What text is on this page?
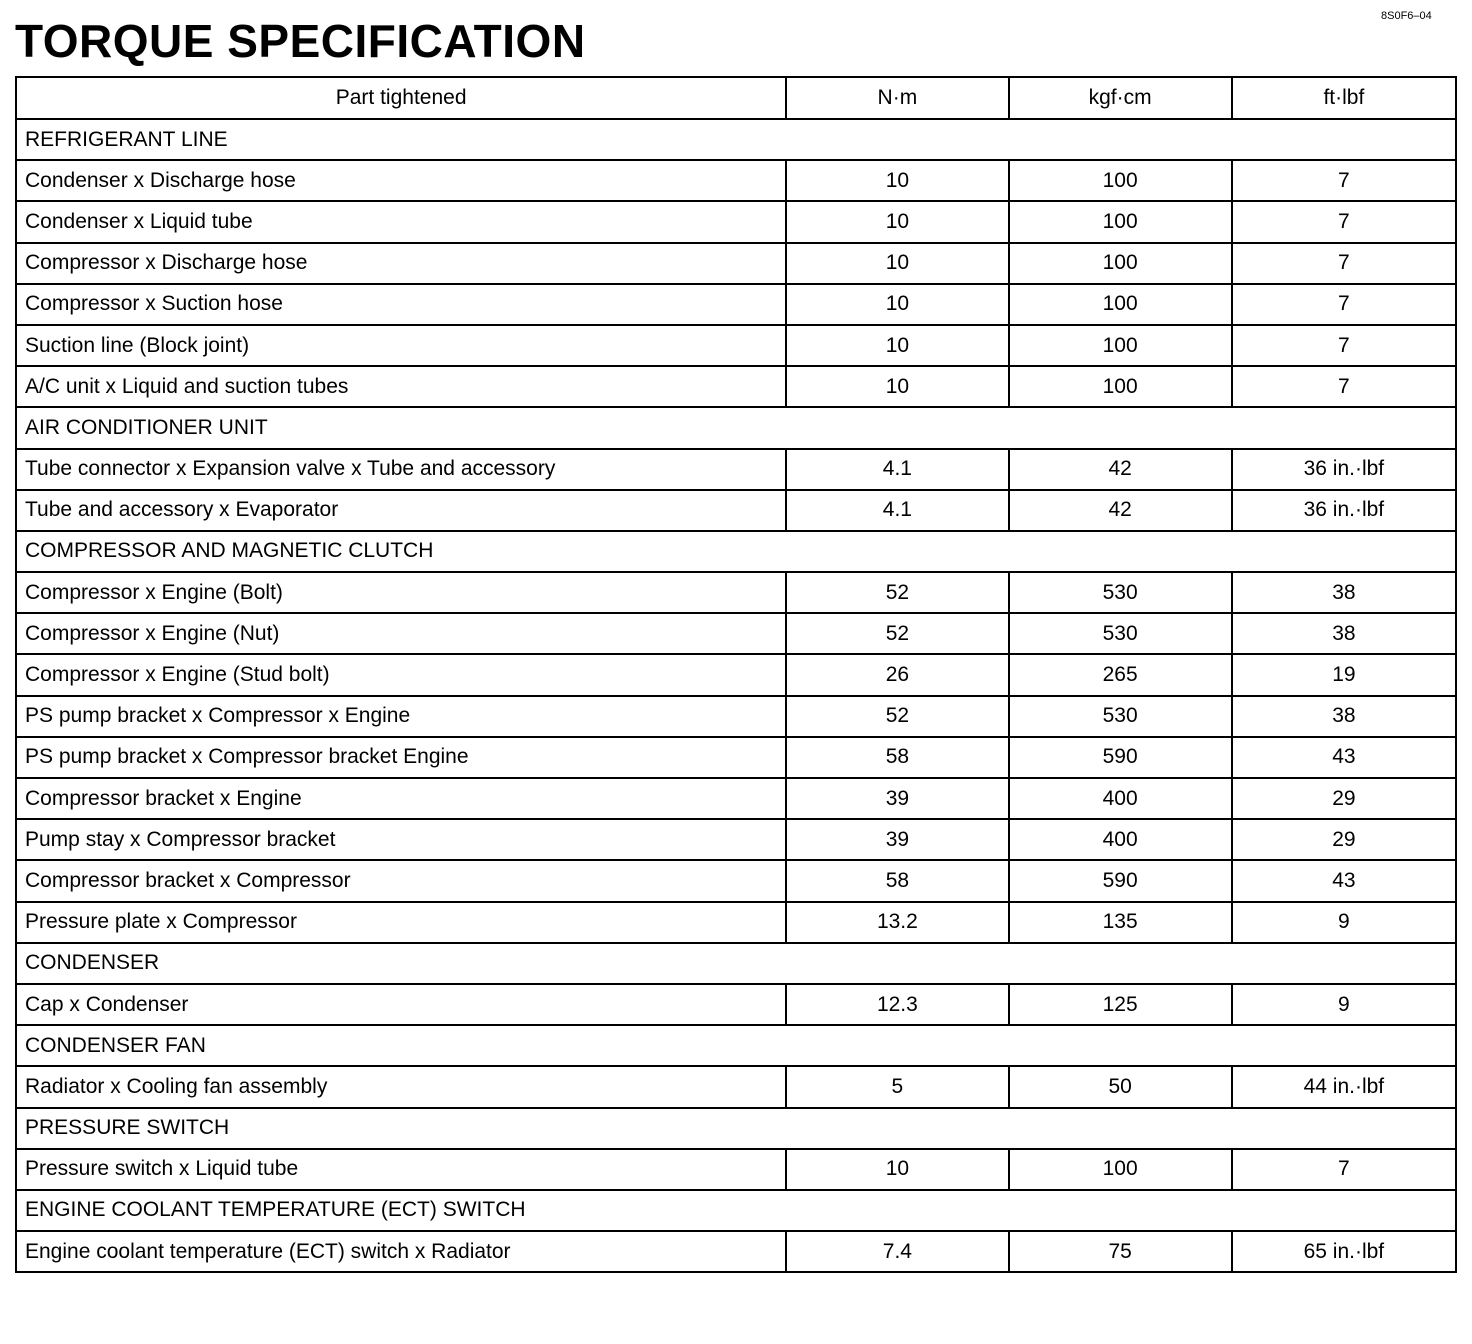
8S0F6–04
TORQUE SPECIFICATION
Part tightened	N·m	kgf·cm	ft·lbf
REFRIGERANT LINE			
Condenser x Discharge hose	10	100	7
Condenser x Liquid tube	10	100	7
Compressor x Discharge hose	10	100	7
Compressor x Suction hose	10	100	7
Suction line (Block joint)	10	100	7
A/C unit x Liquid and suction tubes	10	100	7
AIR CONDITIONER UNIT			
Tube connector x Expansion valve x Tube and accessory	4.1	42	36 in.·lbf
Tube and accessory x Evaporator	4.1	42	36 in.·lbf
COMPRESSOR AND MAGNETIC CLUTCH			
Compressor x Engine (Bolt)	52	530	38
Compressor x Engine (Nut)	52	530	38
Compressor x Engine (Stud bolt)	26	265	19
PS pump bracket x Compressor x Engine	52	530	38
PS pump bracket x Compressor bracket Engine	58	590	43
Compressor bracket x Engine	39	400	29
Pump stay x Compressor bracket	39	400	29
Compressor bracket x Compressor	58	590	43
Pressure plate x Compressor	13.2	135	9
CONDENSER			
Cap x Condenser	12.3	125	9
CONDENSER FAN			
Radiator x Cooling fan assembly	5	50	44 in.·lbf
PRESSURE SWITCH			
Pressure switch x Liquid tube	10	100	7
ENGINE COOLANT TEMPERATURE (ECT) SWITCH			
Engine coolant temperature (ECT) switch x Radiator	7.4	75	65 in.·lbf
